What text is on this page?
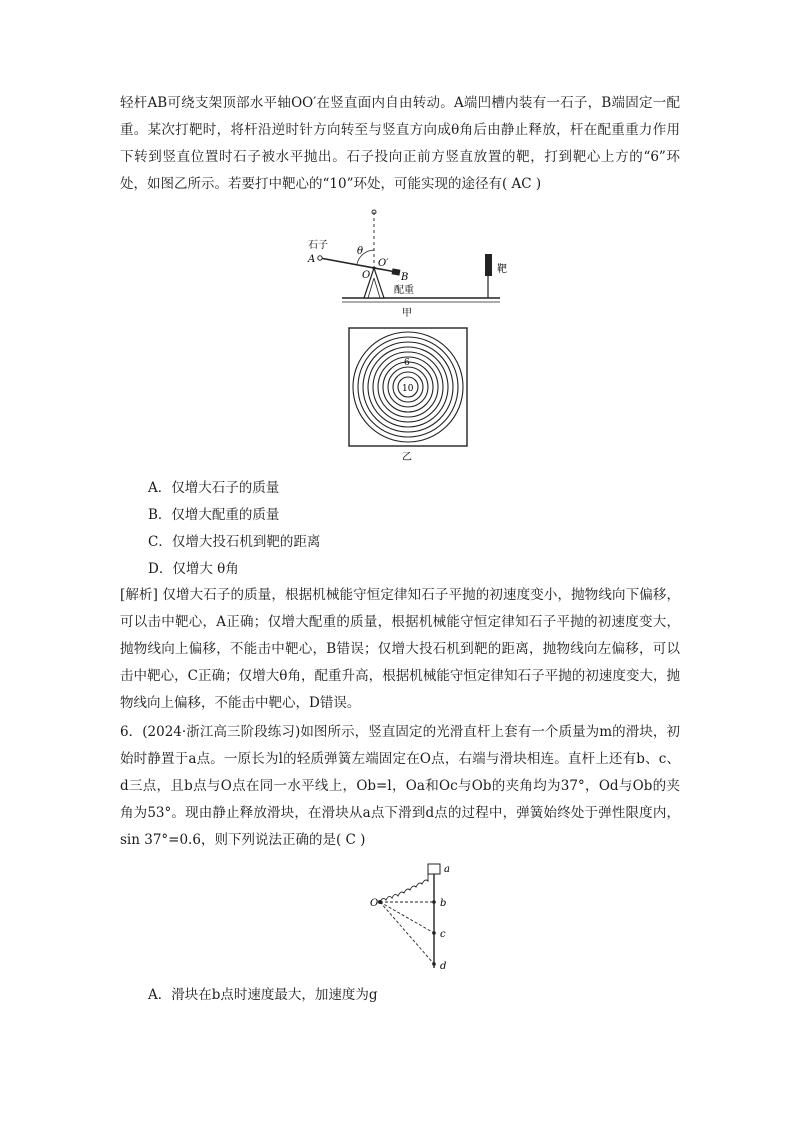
轻杆AB可绕支架顶部水平轴OO′在竖直面内自由转动。A端凹槽内装有一石子，B端固定一配重。某次打靶时，将杆沿逆时针方向转至与竖直方向成θ角后由静止释放，杆在配重重力作用下转到竖直位置时石子被水平抛出。石子投向正前方竖直放置的靶，打到靶心上方的“6”环处，如图乙所示。若要打中靶心的“10”环处，可能实现的途径有( AC )

石子
A
θ
O
O′
B
配重
靶
甲
6
10
乙

A．仅增大石子的质量

B．仅增大配重的质量

C．仅增大投石机到靶的距离

D．仅增大 θ角

[解析] 仅增大石子的质量，根据机械能守恒定律知石子平抛的初速度变小，抛物线向下偏移，可以击中靶心，A正确；仅增大配重的质量，根据机械能守恒定律知石子平抛的初速度变大，抛物线向上偏移，不能击中靶心，B错误；仅增大投石机到靶的距离，抛物线向左偏移，可以击中靶心，C正确；仅增大θ角，配重升高，根据机械能守恒定律知石子平抛的初速度变大，抛物线向上偏移，不能击中靶心，D错误。

6．(2024·浙江高三阶段练习)如图所示，竖直固定的光滑直杆上套有一个质量为m的滑块，初始时静置于a点。一原长为l的轻质弹簧左端固定在O点，右端与滑块相连。直杆上还有b、c、d三点，且b点与O点在同一水平线上，Ob=l，Oa和Oc与Ob的夹角均为37°，Od与Ob的夹角为53°。现由静止释放滑块，在滑块从a点下滑到d点的过程中，弹簧始终处于弹性限度内，sin 37°=0.6，则下列说法正确的是( C )

O
a
b
c
d

A．滑块在b点时速度最大，加速度为g
